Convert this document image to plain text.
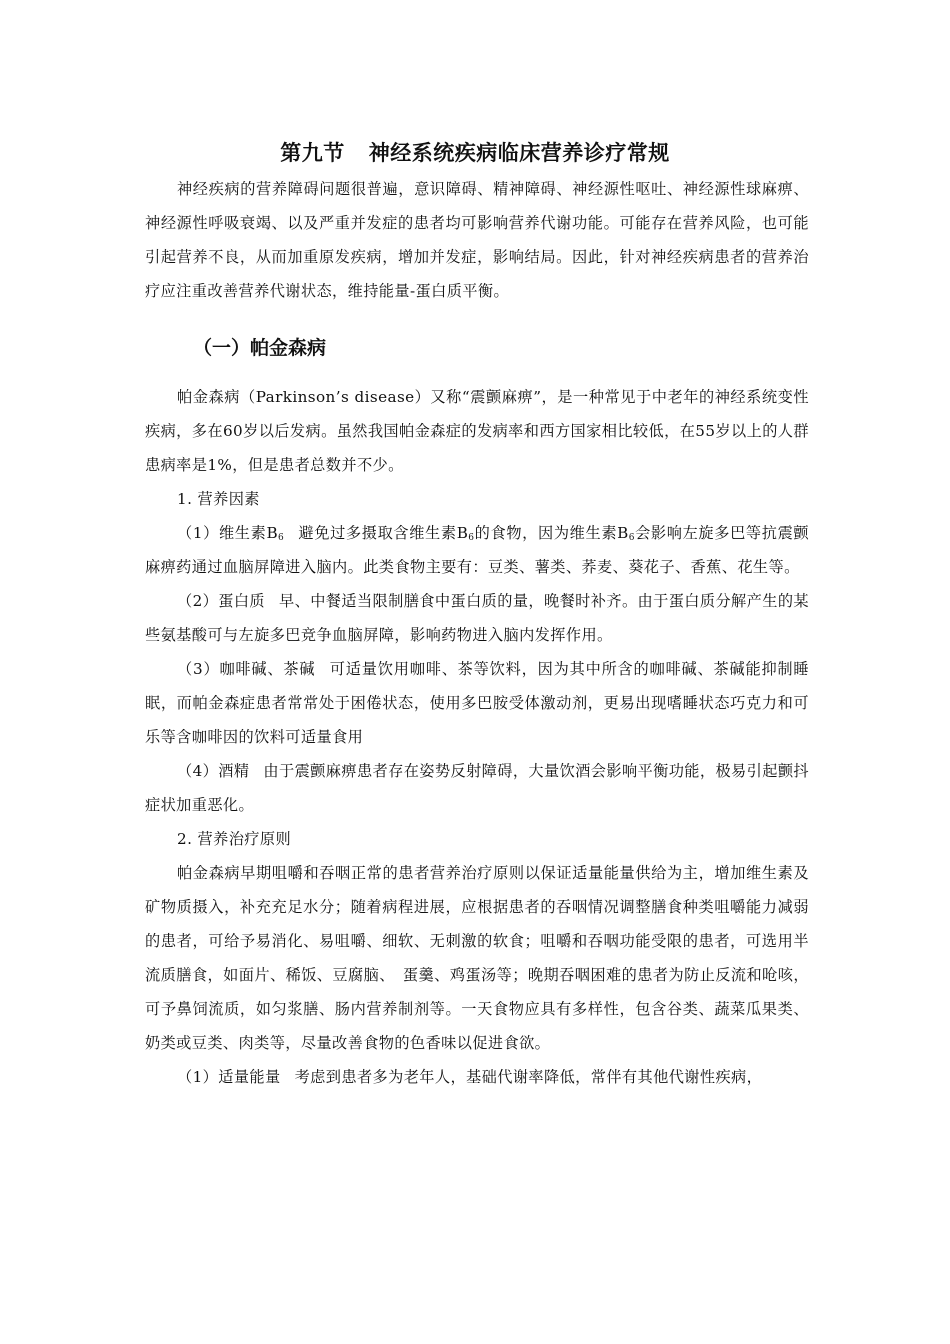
第九节 神经系统疾病临床营养诊疗常规

神经疾病的营养障碍问题很普遍，意识障碍、精神障碍、神经源性呕吐、神经源性球麻痹、神经源性呼吸衰竭、以及严重并发症的患者均可影响营养代谢功能。可能存在营养风险，也可能引起营养不良，从而加重原发疾病，增加并发症，影响结局。因此，针对神经疾病患者的营养治疗应注重改善营养代谢状态，维持能量-蛋白质平衡。

（一）帕金森病

帕金森病（Parkinson’s disease）又称“震颤麻痹”，是一种常见于中老年的神经系统变性疾病，多在60岁以后发病。虽然我国帕金森症的发病率和西方国家相比较低，在55岁以上的人群患病率是1%，但是患者总数并不少。

1. 营养因素

（1）维生素$B_6$ 避免过多摄取含维生素$B_6$的食物，因为维生素$B_6$会影响左旋多巴等抗震颤麻痹药通过血脑屏障进入脑内。此类食物主要有：豆类、薯类、荞麦、葵花子、香蕉、花生等。

（2）蛋白质 早、中餐适当限制膳食中蛋白质的量，晚餐时补齐。由于蛋白质分解产生的某些氨基酸可与左旋多巴竞争血脑屏障，影响药物进入脑内发挥作用。

（3）咖啡碱、茶碱 可适量饮用咖啡、茶等饮料，因为其中所含的咖啡碱、茶碱能抑制睡眠，而帕金森症患者常常处于困倦状态，使用多巴胺受体激动剂，更易出现嗜睡状态巧克力和可乐等含咖啡因的饮料可适量食用

（4）酒精 由于震颤麻痹患者存在姿势反射障碍，大量饮酒会影响平衡功能，极易引起颤抖症状加重恶化。

2. 营养治疗原则

帕金森病早期咀嚼和吞咽正常的患者营养治疗原则以保证适量能量供给为主，增加维生素及矿物质摄入，补充充足水分；随着病程进展，应根据患者的吞咽情况调整膳食种类咀嚼能力减弱的患者，可给予易消化、易咀嚼、细软、无刺激的软食；咀嚼和吞咽功能受限的患者，可选用半流质膳食，如面片、稀饭、豆腐脑、　蛋羹、鸡蛋汤等；晚期吞咽困难的患者为防止反流和呛咳，可予鼻饲流质，如匀浆膳、肠内营养制剂等。一天食物应具有多样性，包含谷类、蔬菜瓜果类、奶类或豆类、肉类等，尽量改善食物的色香味以促进食欲。

（1）适量能量 考虑到患者多为老年人，基础代谢率降低，常伴有其他代谢性疾病，
